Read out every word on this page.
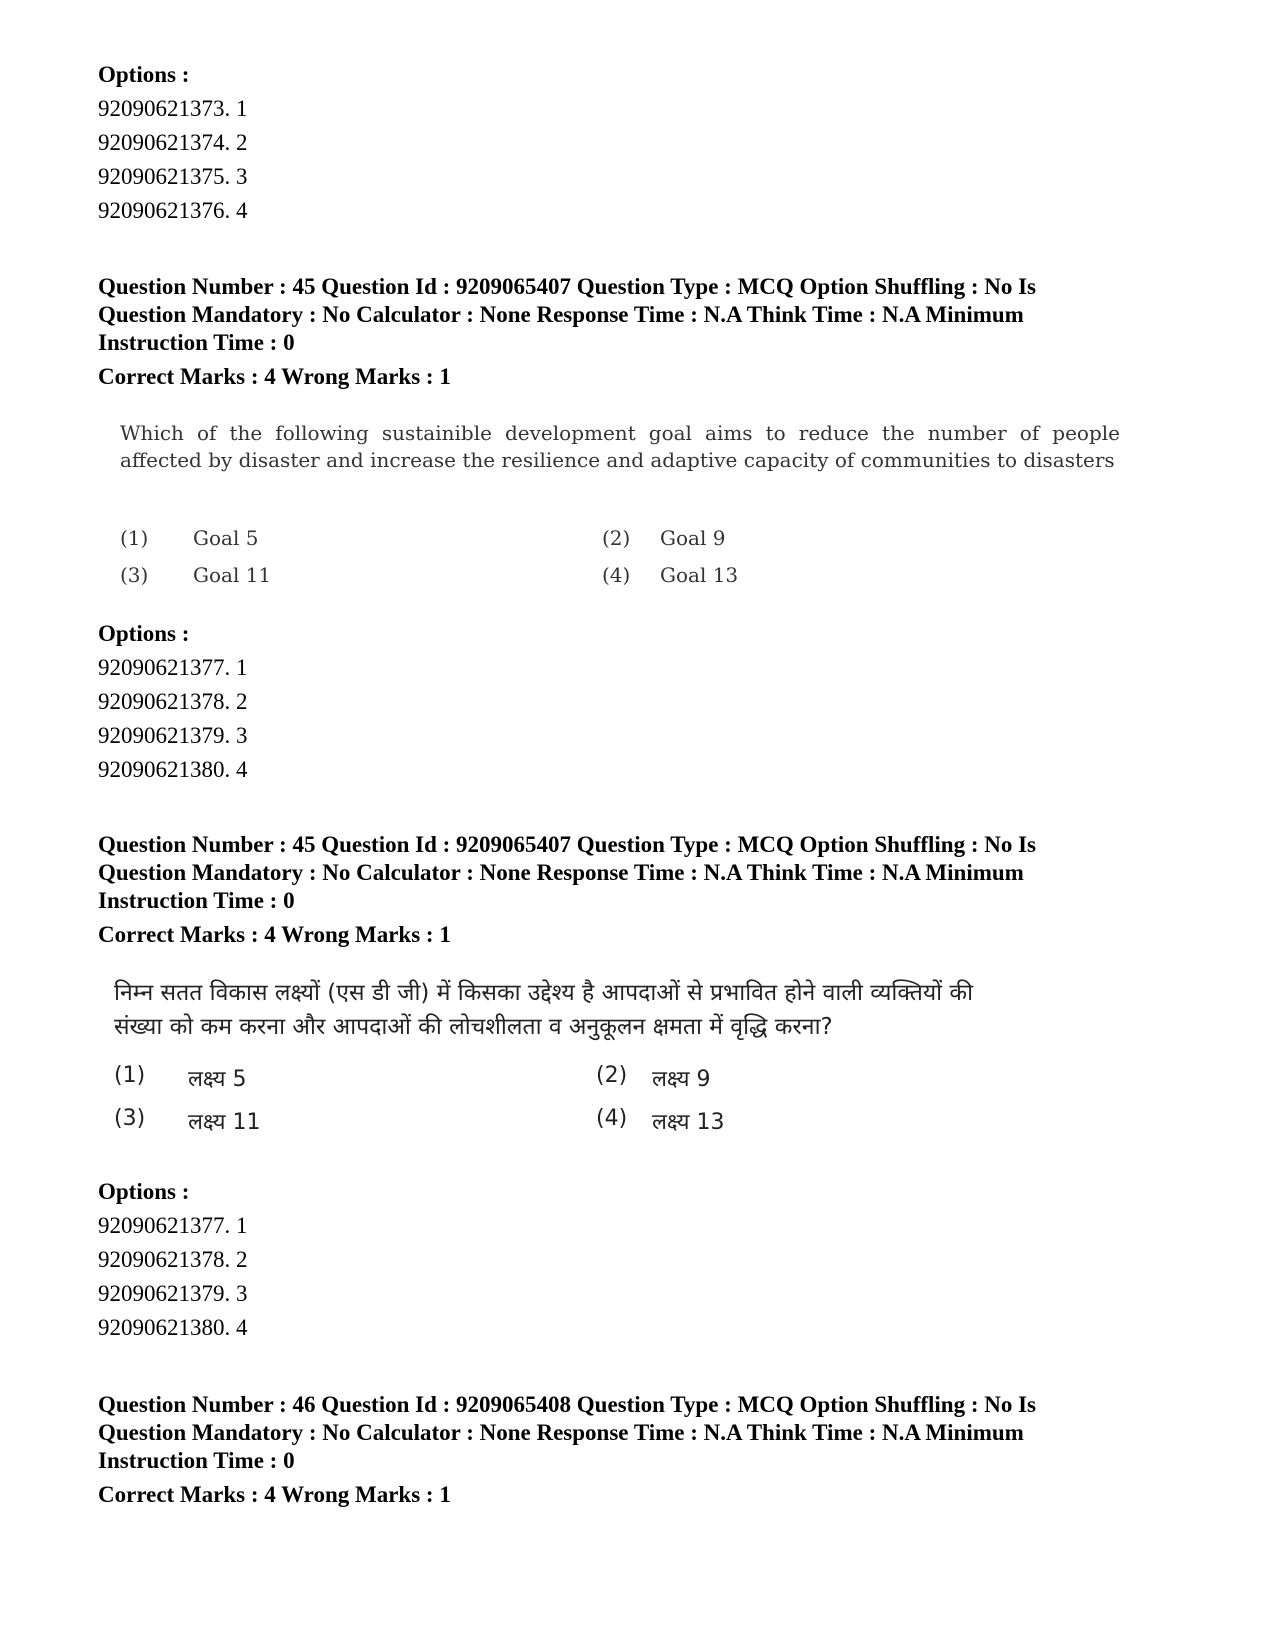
Options :
92090621373. 1
92090621374. 2
92090621375. 3
92090621376. 4
Question Number : 45 Question Id : 9209065407 Question Type : MCQ Option Shuffling : No Is
Question Mandatory : No Calculator : None Response Time : N.A Think Time : N.A Minimum
Instruction Time : 0
Correct Marks : 4 Wrong Marks : 1
Which of the following sustainible development goal aims to reduce the number of people affected by disaster and increase the resilience and adaptive capacity of communities to disasters
(1) Goal 5	(2) Goal 9
(3) Goal 11	(4) Goal 13
Options :
92090621377. 1
92090621378. 2
92090621379. 3
92090621380. 4
Question Number : 45 Question Id : 9209065407 Question Type : MCQ Option Shuffling : No Is
Question Mandatory : No Calculator : None Response Time : N.A Think Time : N.A Minimum
Instruction Time : 0
Correct Marks : 4 Wrong Marks : 1
निम्न सतत विकास लक्ष्यों (एस डी जी) में किसका उद्देश्य है आपदाओं से प्रभावित होने वाली व्यक्तियों की
संख्या को कम करना और आपदाओं की लोचशीलता व अनुकूलन क्षमता में वृद्धि करना?
(1) लक्ष्य 5	(2) लक्ष्य 9
(3) लक्ष्य 11	(4) लक्ष्य 13
Options :
92090621377. 1
92090621378. 2
92090621379. 3
92090621380. 4
Question Number : 46 Question Id : 9209065408 Question Type : MCQ Option Shuffling : No Is
Question Mandatory : No Calculator : None Response Time : N.A Think Time : N.A Minimum
Instruction Time : 0
Correct Marks : 4 Wrong Marks : 1
